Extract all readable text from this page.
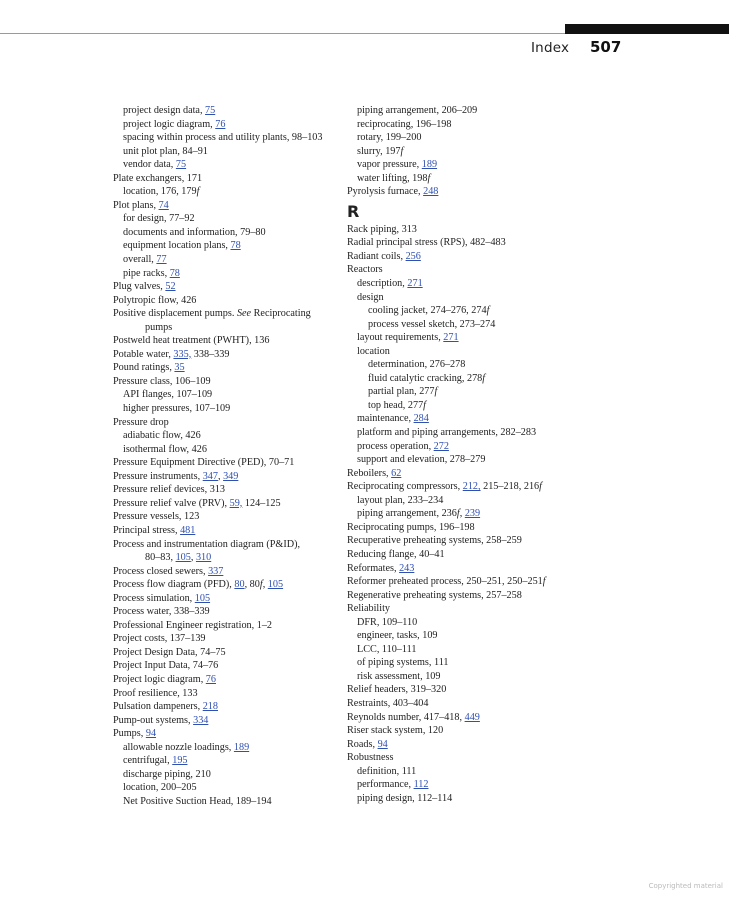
Index 507
project design data, 75
project logic diagram, 76
spacing within process and utility plants, 98–103
unit plot plan, 84–91
vendor data, 75
Plate exchangers, 171
location, 176, 179f
Plot plans, 74
for design, 77–92
documents and information, 79–80
equipment location plans, 78
overall, 77
pipe racks, 78
Plug valves, 52
Polytropic flow, 426
Positive displacement pumps. See Reciprocating
pumps
Postweld heat treatment (PWHT), 136
Potable water, 335, 338–339
Pound ratings, 35
Pressure class, 106–109
API flanges, 107–109
higher pressures, 107–109
Pressure drop
adiabatic flow, 426
isothermal flow, 426
Pressure Equipment Directive (PED), 70–71
Pressure instruments, 347, 349
Pressure relief devices, 313
Pressure relief valve (PRV), 59, 124–125
Pressure vessels, 123
Principal stress, 481
Process and instrumentation diagram (P&ID),
80–83, 105, 310
Process closed sewers, 337
Process flow diagram (PFD), 80, 80f, 105
Process simulation, 105
Process water, 338–339
Professional Engineer registration, 1–2
Project costs, 137–139
Project Design Data, 74–75
Project Input Data, 74–76
Project logic diagram, 76
Proof resilience, 133
Pulsation dampeners, 218
Pump-out systems, 334
Pumps, 94
allowable nozzle loadings, 189
centrifugal, 195
discharge piping, 210
location, 200–205
Net Positive Suction Head, 189–194
piping arrangement, 206–209
reciprocating, 196–198
rotary, 199–200
slurry, 197f
vapor pressure, 189
water lifting, 198f
Pyrolysis furnace, 248
R
Rack piping, 313
Radial principal stress (RPS), 482–483
Radiant coils, 256
Reactors
description, 271
design
cooling jacket, 274–276, 274f
process vessel sketch, 273–274
layout requirements, 271
location
determination, 276–278
fluid catalytic cracking, 278f
partial plan, 277f
top head, 277f
maintenance, 284
platform and piping arrangements, 282–283
process operation, 272
support and elevation, 278–279
Reboilers, 62
Reciprocating compressors, 212, 215–218, 216f
layout plan, 233–234
piping arrangement, 236f, 239
Reciprocating pumps, 196–198
Recuperative preheating systems, 258–259
Reducing flange, 40–41
Reformates, 243
Reformer preheated process, 250–251, 250–251f
Regenerative preheating systems, 257–258
Reliability
DFR, 109–110
engineer, tasks, 109
LCC, 110–111
of piping systems, 111
risk assessment, 109
Relief headers, 319–320
Restraints, 403–404
Reynolds number, 417–418, 449
Riser stack system, 120
Roads, 94
Robustness
definition, 111
performance, 112
piping design, 112–114
Copyrighted material
